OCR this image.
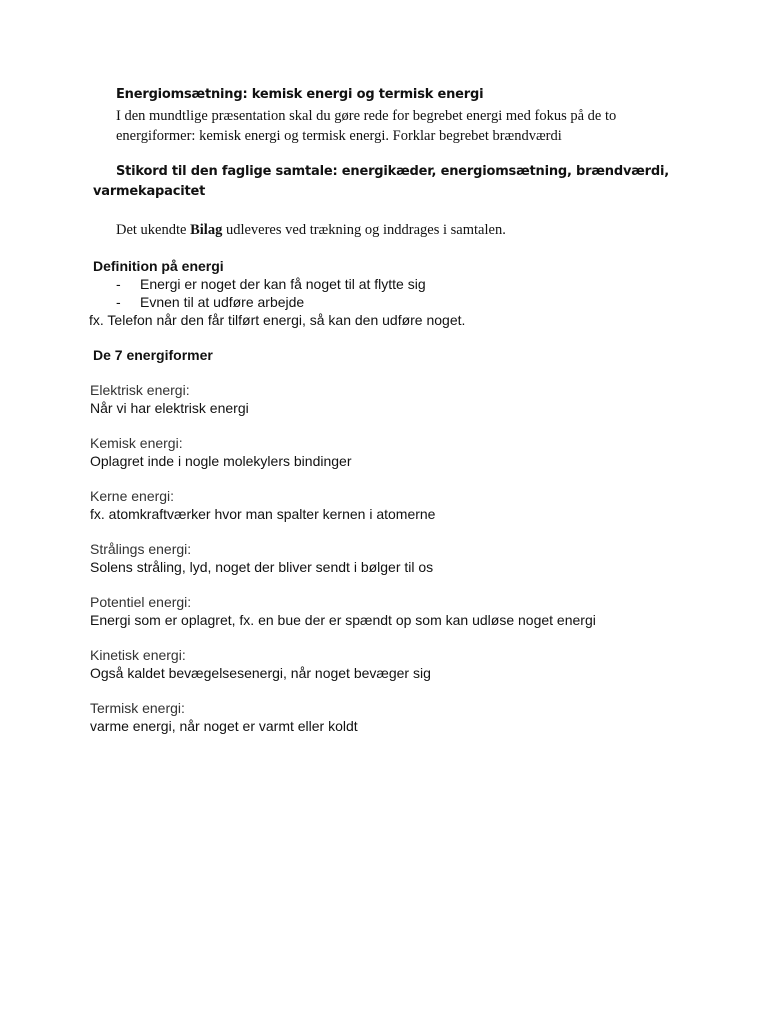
Energiomsætning: kemisk energi og termisk energi

I den mundtlige præsentation skal du gøre rede for begrebet energi med fokus på de to
energiformer: kemisk energi og termisk energi. Forklar begrebet brændværdi

Stikord til den faglige samtale: energikæder, energiomsætning, brændværdi,

varmekapacitet

Det ukendte Bilag udleveres ved trækning og inddrages i samtalen.

Definition på energi

- Energi er noget der kan få noget til at flytte sig
- Evnen til at udføre arbejde

fx. Telefon når den får tilført energi, så kan den udføre noget.

De 7 energiformer

Elektrisk energi:
Når vi har elektrisk energi
Kemisk energi:
Oplagret inde i nogle molekylers bindinger
Kerne energi:
fx. atomkraftværker hvor man spalter kernen i atomerne
Strålings energi:
Solens stråling, lyd, noget der bliver sendt i bølger til os
Potentiel energi:
Energi som er oplagret, fx. en bue der er spændt op som kan udløse noget energi
Kinetisk energi:
Også kaldet bevægelsesenergi, når noget bevæger sig
Termisk energi:
varme energi, når noget er varmt eller koldt
